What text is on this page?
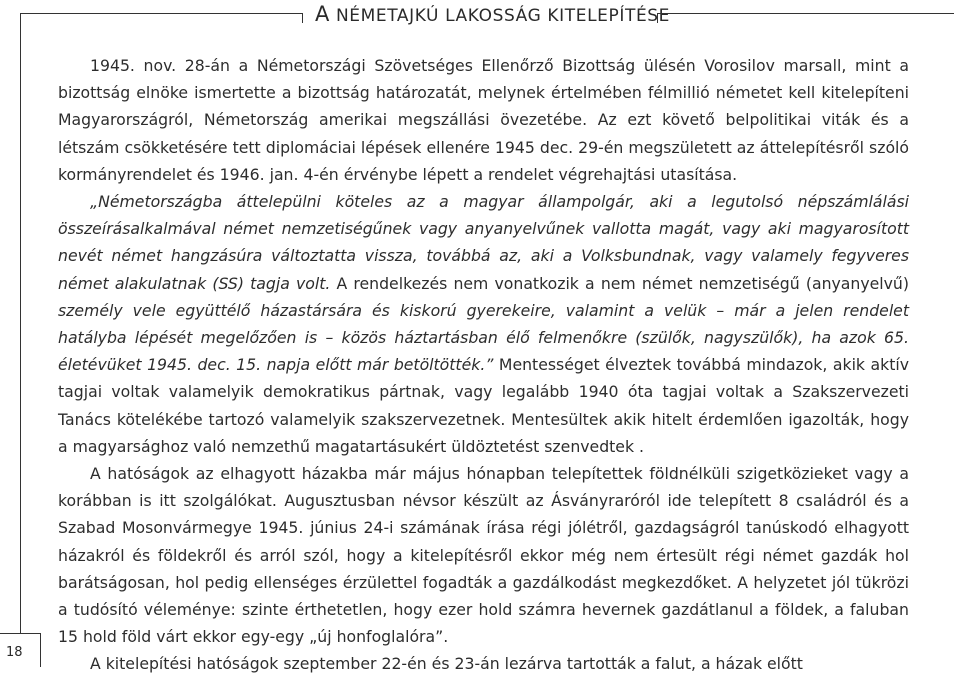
A NÉMETAJKÚ LAKOSSÁG KITELEPÍTÉSE
18

1945. nov. 28-án a Németországi Szövetséges Ellenőrző Bizottság ülésén Vorosilov marsall, mint a bizottság elnöke ismertette a bizottság határozatát, melynek értelmében félmillió németet kell kitelepíteni Magyarországról, Németország amerikai megszállási övezetébe. Az ezt követő belpolitikai viták és a létszám csökketésére tett diplomáciai lépések ellenére 1945 dec. 29-én megszületett az áttelepítésről szóló kormányrendelet és 1946. jan. 4-én érvénybe lépett a rendelet végrehajtási utasítása.

„Németországba áttelepülni köteles az a magyar állampolgár, aki a legutolsó népszámlálási összeírásalkalmával német nemzetiségűnek vagy anyanyelvűnek vallotta magát, vagy aki magyarosított nevét német hangzásúra változtatta vissza, továbbá az, aki a Volksbundnak, vagy valamely fegyveres német alakulatnak (SS) tagja volt. A rendelkezés nem vonatkozik a nem német nemzetiségű (anyanyelvű) személy vele együttélő házastársára és kiskorú gyerekeire, valamint a velük – már a jelen rendelet hatályba lépését megelőzően is – közös háztartásban élő felmenőkre (szülők, nagyszülők), ha azok 65. életévüket 1945. dec. 15. napja előtt már betöltötték.” Mentességet élveztek továbbá mindazok, akik aktív tagjai voltak valamelyik demokratikus pártnak, vagy legalább 1940 óta tagjai voltak a Szakszervezeti Tanács kötelékébe tartozó valamelyik szakszervezetnek. Mentesültek akik hitelt érdemlően igazolták, hogy a magyarsághoz való nemzethű magatartásukért üldöztetést szenvedtek .

A hatóságok az elhagyott házakba már május hónapban telepítettek földnélküli szigetközieket vagy a korábban is itt szolgálókat. Augusztusban névsor készült az Ásványraróról ide telepített 8 családról és a Szabad Mosonvármegye 1945. június 24-i számának írása régi jólétről, gazdagságról tanúskodó elhagyott házakról és földekről és arról szól, hogy a kitelepítésről ekkor még nem értesült régi német gazdák hol barátságosan, hol pedig ellenséges érzülettel fogadták a gazdálkodást megkezdőket. A helyzetet jól tükrözi a tudósító véleménye: szinte érthetetlen, hogy ezer hold számra hevernek gazdátlanul a földek, a faluban 15 hold föld várt ekkor egy-egy „új honfoglalóra”.

A kitelepítési hatóságok szeptember 22-én és 23-án lezárva tartották a falut, a házak előtt
